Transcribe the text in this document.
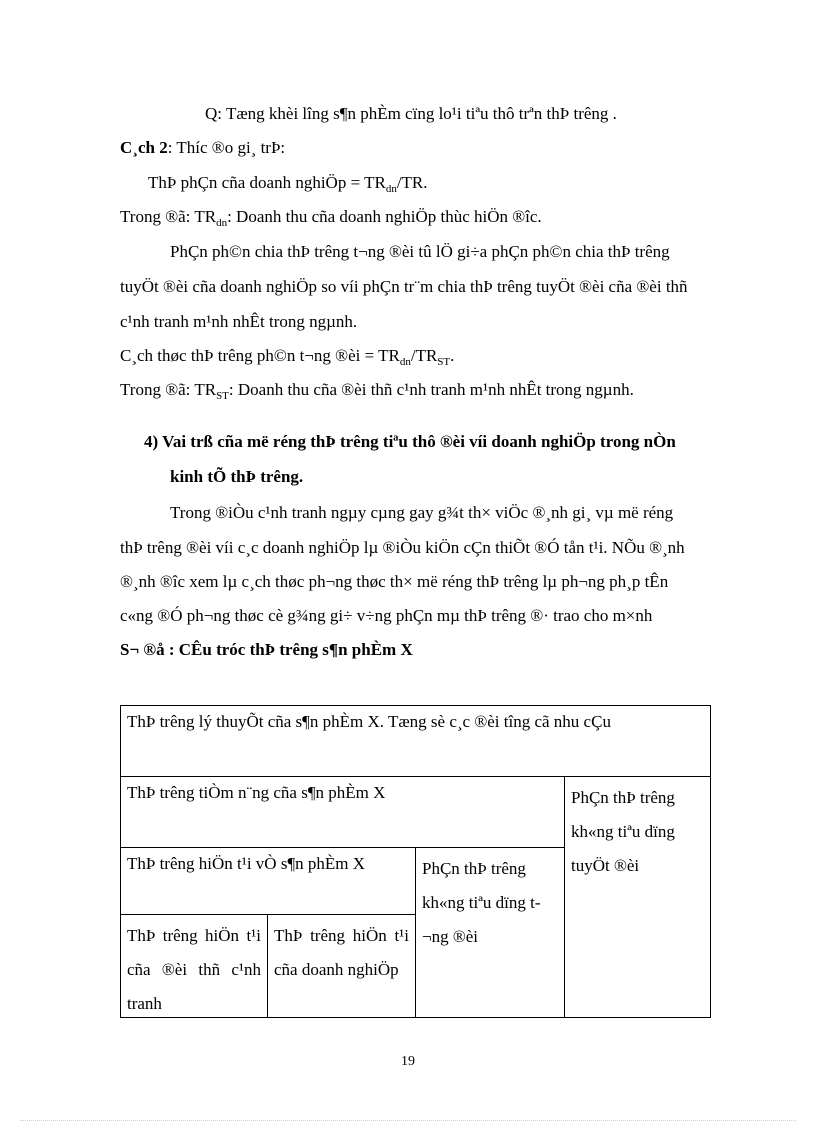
Q: Tæng khèi lîng s¶n phÈm cïng lo¹i tiªu thô trªn thÞ trêng .
C¸ch 2: Thíc ®o gi¸ trÞ:
ThÞ phÇn cña doanh nghiÖp = $TR_{dn}/TR$.
Trong ®ã: $TR_{dn}$: Doanh thu cña doanh nghiÖp thùc hiÖn ®îc.
PhÇn ph©n chia thÞ trêng t¬ng ®èi tû lÖ gi÷a phÇn ph©n chia thÞ trêng
tuyÖt ®èi cña doanh nghiÖp so víi phÇn tr¨m chia thÞ trêng tuyÖt ®èi cña ®èi thñ
c¹nh tranh m¹nh nhÊt trong ngµnh.
C¸ch thøc thÞ trêng ph©n t¬ng ®èi = $TR_{dn}/TR_{ST}$.
Trong ®ã: $TR_{ST}$: Doanh thu cña ®èi thñ c¹nh tranh m¹nh nhÊt trong ngµnh.
4) Vai trß cña më réng thÞ trêng tiªu thô ®èi víi doanh nghiÖp trong nÒn
kinh tÕ thÞ trêng.
Trong ®iÒu c¹nh tranh ngµy cµng gay g¾t th× viÖc ®¸nh gi¸ vµ më réng
thÞ trêng ®èi víi c¸c doanh nghiÖp lµ ®iÒu kiÖn cÇn thiÕt ®Ó tån t¹i. NÕu ®¸nh
®¸nh ®îc xem lµ c¸ch thøc ph¬ng thøc th× më réng thÞ trêng lµ ph¬ng ph¸p tÊn
c«ng ®Ó ph¬ng thøc cè g¾ng gi÷ v÷ng phÇn mµ thÞ trêng ®· trao cho m×nh
S¬ ®å : CÊu tróc thÞ trêng s¶n phÈm X
ThÞ trêng lý thuyÕt cña s¶n phÈm X. Tæng sè c¸c ®èi tîng cã nhu cÇu
ThÞ trêng tiÒm n¨ng cña s¶n phÈm X	PhÇn thÞ trêng kh«ng tiªu dïng tuyÖt ®èi
ThÞ trêng hiÖn t¹i vÒ s¶n phÈm X	PhÇn thÞ trêng kh«ng tiªu dïng t¬ng ®èi
ThÞ trêng hiÖn t¹i cña ®èi thñ c¹nh tranh
ThÞ trêng hiÖn t¹i cña doanh nghiÖp
19
